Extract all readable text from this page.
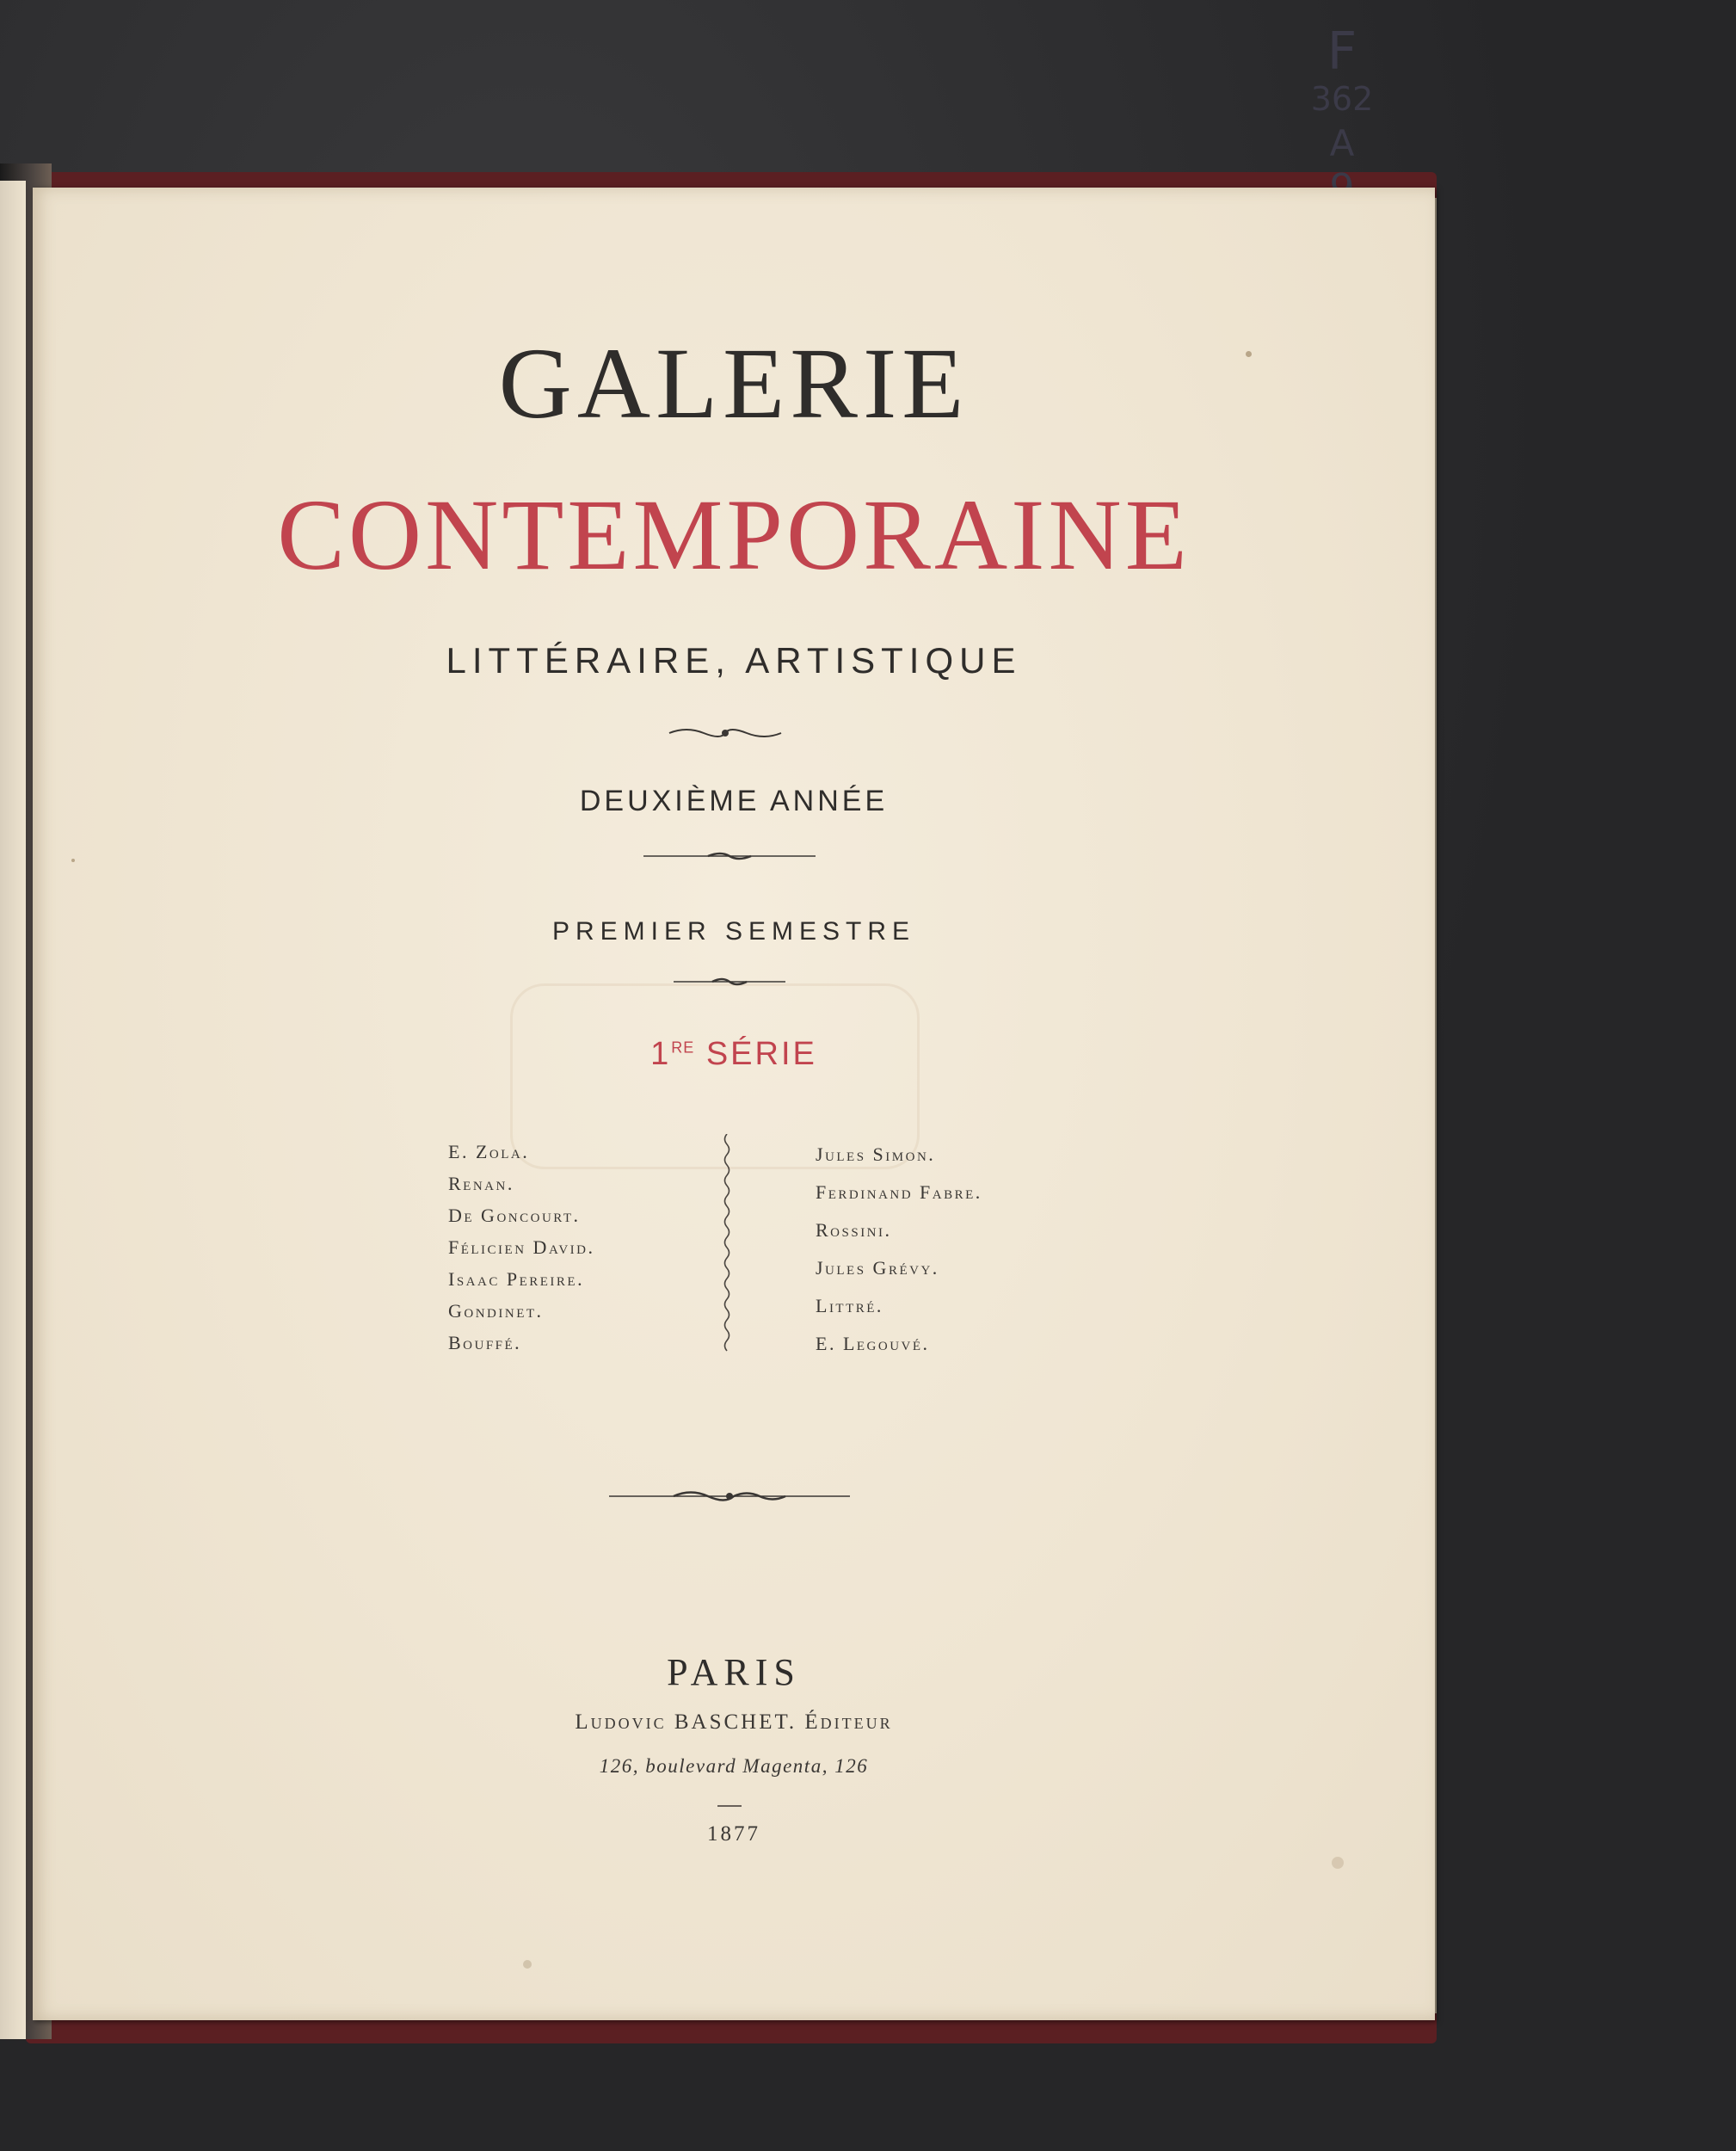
F
362
A
GALERIE
CONTEMPORAINE
LITTÉRAIRE, ARTISTIQUE
DEUXIÈME ANNÉE
PREMIER SEMESTRE
1RE SÉRIE
E. Zola.
Renan.
De Goncourt.
Félicien David.
Isaac Pereire.
Gondinet.
Bouffé.
Jules Simon.
Ferdinand Fabre.
Rossini.
Jules Grévy.
Littré.
E. Legouvé.
PARIS
Ludovic BASCHET. Éditeur
126, boulevard Magenta, 126
1877
